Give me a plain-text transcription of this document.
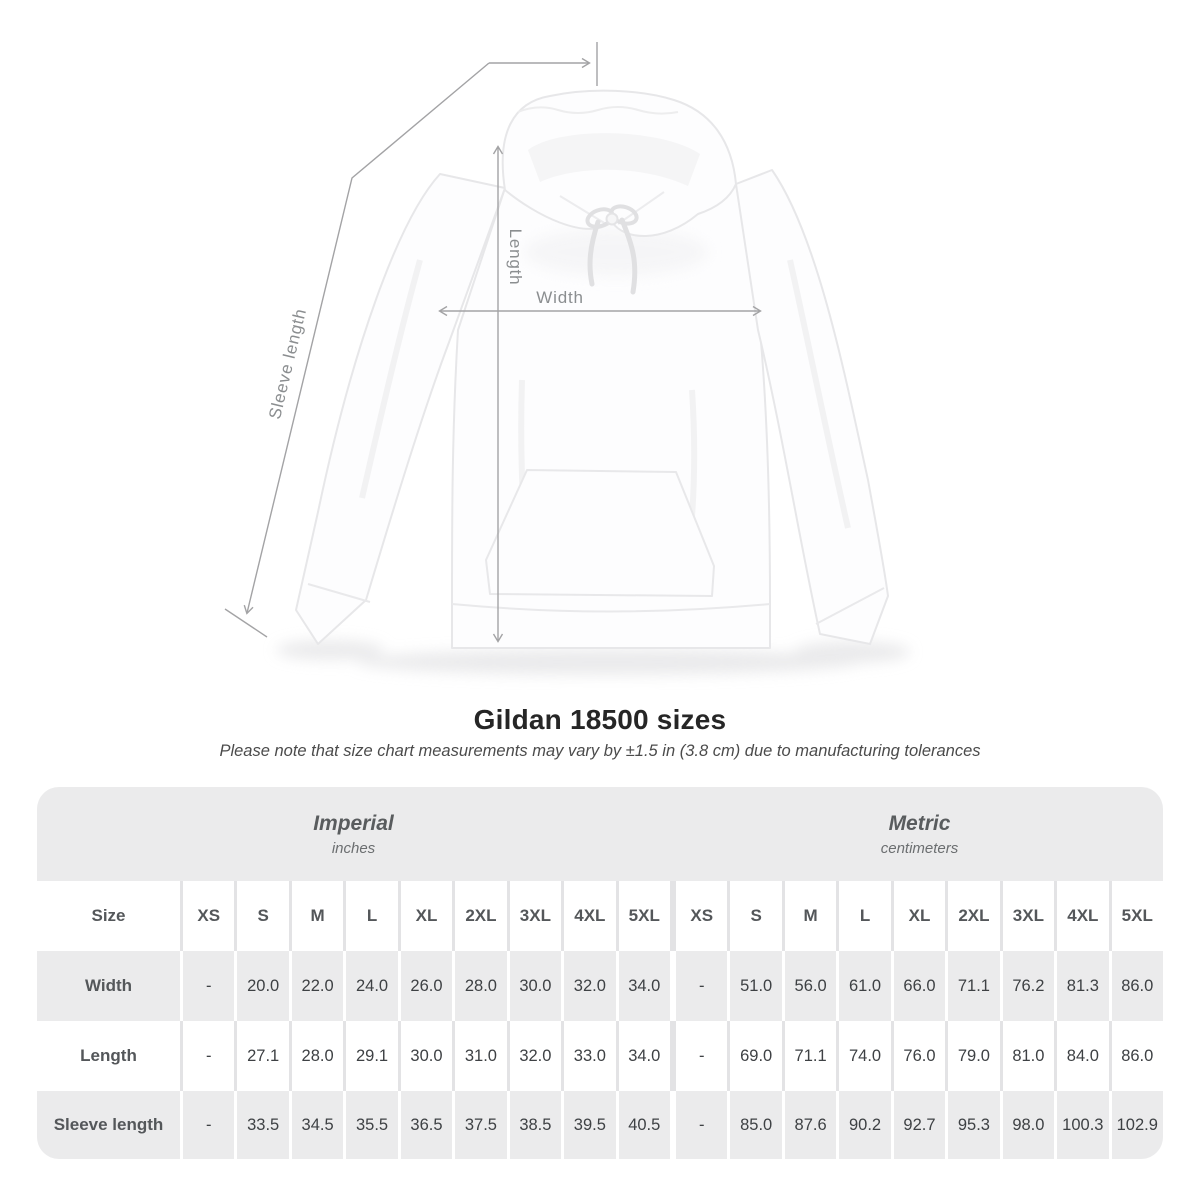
Sleeve length
Length
Width
Gildan 18500 sizes

Please note that size chart measurements may vary by ±1.5 in (3.8 cm) due to manufacturing tolerances

Imperial
inches
Metric
centimeters
Size	XS	S	M	L	XL	2XL	3XL	4XL	5XL	XS	S	M	L	XL	2XL	3XL	4XL	5XL
Width	-	20.0	22.0	24.0	26.0	28.0	30.0	32.0	34.0	-	51.0	56.0	61.0	66.0	71.1	76.2	81.3	86.0
Length	-	27.1	28.0	29.1	30.0	31.0	32.0	33.0	34.0	-	69.0	71.1	74.0	76.0	79.0	81.0	84.0	86.0
Sleeve length	-	33.5	34.5	35.5	36.5	37.5	38.5	39.5	40.5	-	85.0	87.6	90.2	92.7	95.3	98.0	100.3 102.9
